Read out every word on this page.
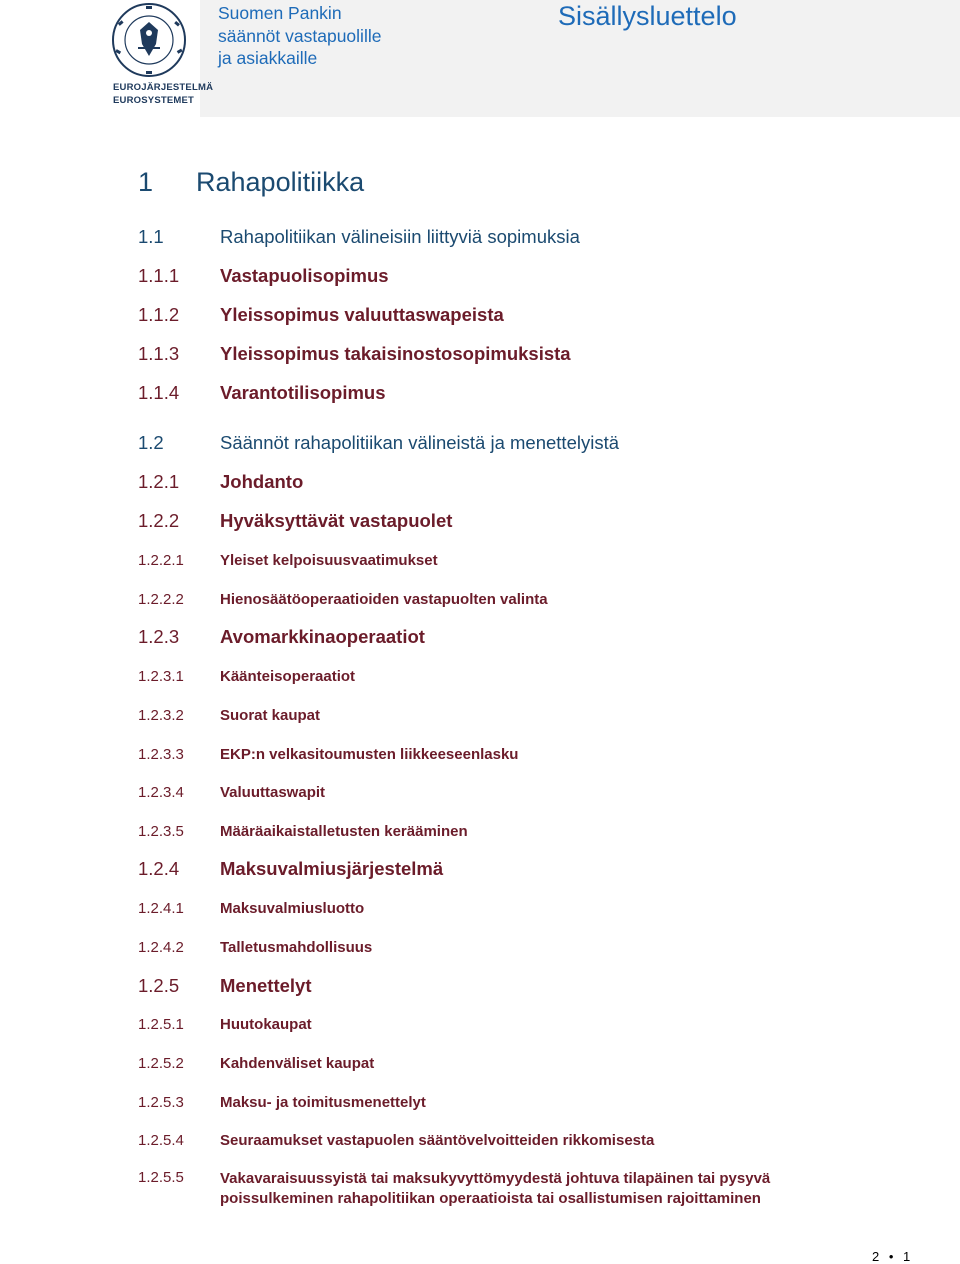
EUROJÄRJESTELMÄ
EUROSYSTEMET
Suomen Pankin
säännöt vastapuolille
ja asiakkaille
Sisällysluettelo
1 Rahapolitiikka
1.1	Rahapolitiikan välineisiin liittyviä sopimuksia
1.1.1 Vastapuolisopimus
1.1.2 Yleissopimus valuuttaswapeista
1.1.3 Yleissopimus takaisinostosopimuksista
1.1.4 Varantotilisopimus
1.2	Säännöt rahapolitiikan välineistä ja menettelyistä
1.2.1 Johdanto
1.2.2 Hyväksyttävät vastapuolet
1.2.2.1 Yleiset kelpoisuusvaatimukset
1.2.2.2 Hienosäätöoperaatioiden vastapuolten valinta
1.2.3 Avomarkkinaoperaatiot
1.2.3.1 Käänteisoperaatiot
1.2.3.2 Suorat kaupat
1.2.3.3 EKP:n velkasitoumusten liikkeeseenlasku
1.2.3.4 Valuuttaswapit
1.2.3.5 Määräaikaistalletusten kerääminen
1.2.4 Maksuvalmiusjärjestelmä
1.2.4.1 Maksuvalmiusluotto
1.2.4.2 Talletusmahdollisuus
1.2.5 Menettelyt
1.2.5.1 Huutokaupat
1.2.5.2 Kahdenväliset kaupat
1.2.5.3 Maksu- ja toimitusmenettelyt
1.2.5.4 Seuraamukset vastapuolen sääntövelvoitteiden rikkomisesta
1.2.5.5 Vakavaraisuussyistä tai maksukyvyttömyydestä johtuva tilapäinen tai pysyvä poissulkeminen rahapolitiikan operaatioista tai osallistumisen rajoittaminen
2 • 1
